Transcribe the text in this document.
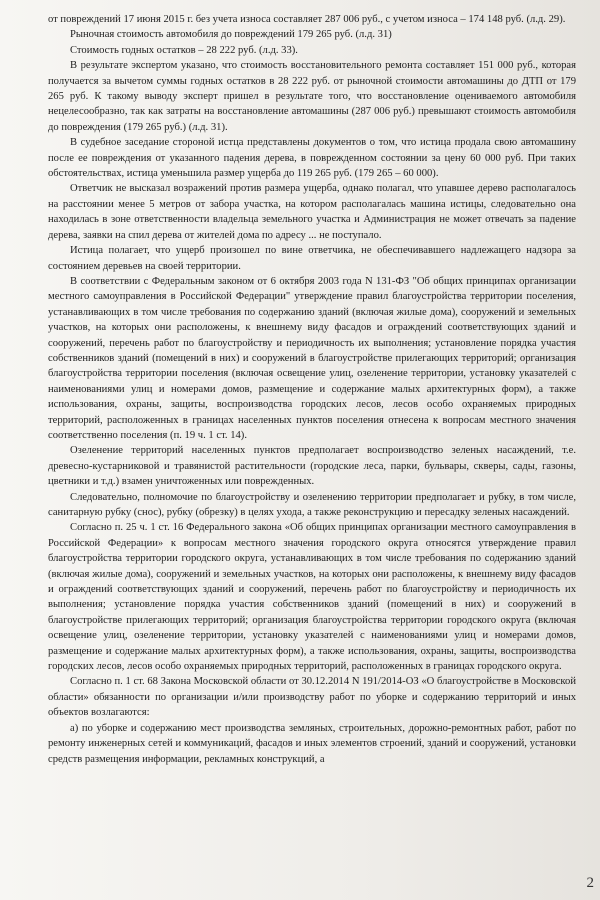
от повреждений 17 июня 2015 г. без учета износа составляет 287 006 руб., с учетом износа – 174 148 руб. (л.д. 29).

Рыночная стоимость автомобиля до повреждений 179 265 руб. (л.д. 31)

Стоимость годных остатков – 28 222 руб. (л.д. 33).

В результате экспертом указано, что стоимость восстановительного ремонта составляет 151 000 руб., которая получается за вычетом суммы годных остатков в 28 222 руб. от рыночной стоимости автомашины до ДТП от 179 265 руб. К такому выводу эксперт пришел в результате того, что восстановление оцениваемого автомобиля нецелесообразно, так как затраты на восстановление автомашины (287 006 руб.) превышают стоимость автомобиля до повреждения (179 265 руб.) (л.д. 31).

В судебное заседание стороной истца представлены документов о том, что истица продала свою автомашину после ее повреждения от указанного падения дерева, в поврежденном состоянии за цену 60 000 руб. При таких обстоятельствах, истица уменьшила размер ущерба до 119 265 руб. (179 265 – 60 000).

Ответчик не высказал возражений против размера ущерба, однако полагал, что упавшее дерево располагалось на расстоянии менее 5 метров от забора участка, на котором располагалась машина истицы, следовательно она находилась в зоне ответственности владельца земельного участка и Администрация не может отвечать за падение дерева, заявки на спил дерева от жителей дома по адресу ... не поступало.

Истица полагает, что ущерб произошел по вине ответчика, не обеспечивавшего надлежащего надзора за состоянием деревьев на своей территории.

В соответствии с Федеральным законом от 6 октября 2003 года N 131-ФЗ "Об общих принципах организации местного самоуправления в Российской Федерации" утверждение правил благоустройства территории поселения, устанавливающих в том числе требования по содержанию зданий (включая жилые дома), сооружений и земельных участков, на которых они расположены, к внешнему виду фасадов и ограждений соответствующих зданий и сооружений, перечень работ по благоустройству и периодичность их выполнения; установление порядка участия собственников зданий (помещений в них) и сооружений в благоустройстве прилегающих территорий; организация благоустройства территории поселения (включая освещение улиц, озеленение территории, установку указателей с наименованиями улиц и номерами домов, размещение и содержание малых архитектурных форм), а также использования, охраны, защиты, воспроизводства городских лесов, лесов особо охраняемых природных территорий, расположенных в границах населенных пунктов поселения отнесена к вопросам местного значения соответственно поселения (п. 19 ч. 1 ст. 14).

Озеленение территорий населенных пунктов предполагает воспроизводство зеленых насаждений, т.е. древесно-кустарниковой и травянистой растительности (городские леса, парки, бульвары, скверы, сады, газоны, цветники и т.д.) взамен уничтоженных или поврежденных.

Следовательно, полномочие по благоустройству и озеленению территории предполагает и рубку, в том числе, санитарную рубку (снос), рубку (обрезку) в целях ухода, а также реконструкцию и пересадку зеленых насаждений.

Согласно п. 25 ч. 1 ст. 16 Федерального закона «Об общих принципах организации местного самоуправления в Российской Федерации» к вопросам местного значения городского округа относятся утверждение правил благоустройства территории городского округа, устанавливающих в том числе требования по содержанию зданий (включая жилые дома), сооружений и земельных участков, на которых они расположены, к внешнему виду фасадов и ограждений соответствующих зданий и сооружений, перечень работ по благоустройству и периодичность их выполнения; установление порядка участия собственников зданий (помещений в них) и сооружений в благоустройстве прилегающих территорий; организация благоустройства территории городского округа (включая освещение улиц, озеленение территории, установку указателей с наименованиями улиц и номерами домов, размещение и содержание малых архитектурных форм), а также использования, охраны, защиты, воспроизводства городских лесов, лесов особо охраняемых природных территорий, расположенных в границах городского округа.

Согласно п. 1 ст. 68 Закона Московской области от 30.12.2014 N 191/2014-ОЗ «О благоустройстве в Московской области» обязанности по организации и/или производству работ по уборке и содержанию территорий и иных объектов возлагаются:

а) по уборке и содержанию мест производства земляных, строительных, дорожно-ремонтных работ, работ по ремонту инженерных сетей и коммуникаций, фасадов и иных элементов строений, зданий и сооружений, установки средств размещения информации, рекламных конструкций, а

2
